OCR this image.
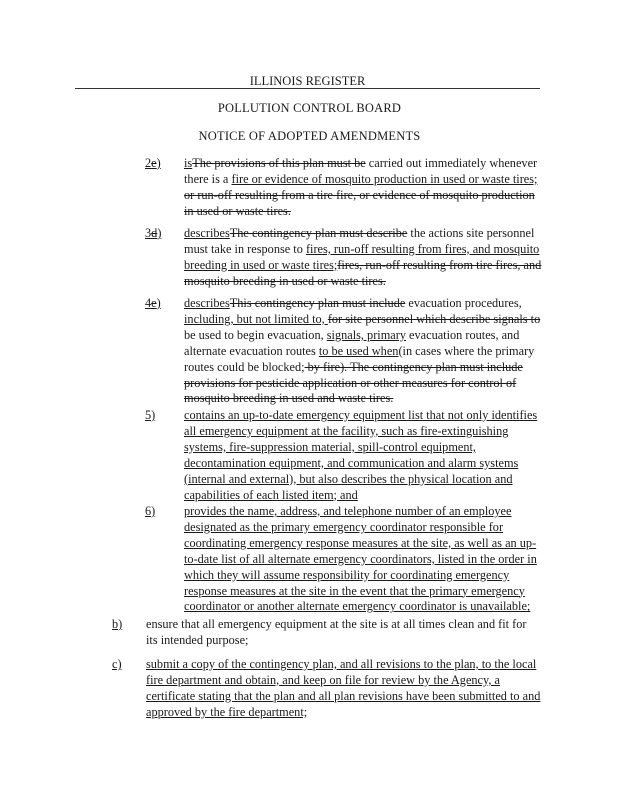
ILLINOIS REGISTER
POLLUTION CONTROL BOARD
NOTICE OF ADOPTED AMENDMENTS
2e) isThe provisions of this plan must be carried out immediately whenever there is a fire or evidence of mosquito production in used or waste tires; or run-off resulting from a tire fire, or evidence of mosquito production in used or waste tires.
3d) describesThe contingency plan must describe the actions site personnel must take in response to fires, run-off resulting from fires, and mosquito breeding in used or waste tires;fires, run-off resulting from tire fires, and mosquito breeding in used or waste tires.
4e) describesThis contingency plan must include evacuation procedures, including, but not limited to, for site personnel which describe signals to be used to begin evacuation, signals, primary evacuation routes, and alternate evacuation routes to be used when(in cases where the primary routes could be blocked; by fire). The contingency plan must include provisions for pesticide application or other measures for control of mosquito breeding in used and waste tires.
5) contains an up-to-date emergency equipment list that not only identifies all emergency equipment at the facility, such as fire-extinguishing systems, fire-suppression material, spill-control equipment, decontamination equipment, and communication and alarm systems (internal and external), but also describes the physical location and capabilities of each listed item; and
6) provides the name, address, and telephone number of an employee designated as the primary emergency coordinator responsible for coordinating emergency response measures at the site, as well as an up-to-date list of all alternate emergency coordinators, listed in the order in which they will assume responsibility for coordinating emergency response measures at the site in the event that the primary emergency coordinator or another alternate emergency coordinator is unavailable;
b) ensure that all emergency equipment at the site is at all times clean and fit for its intended purpose;
c) submit a copy of the contingency plan, and all revisions to the plan, to the local fire department and obtain, and keep on file for review by the Agency, a certificate stating that the plan and all plan revisions have been submitted to and approved by the fire department;
